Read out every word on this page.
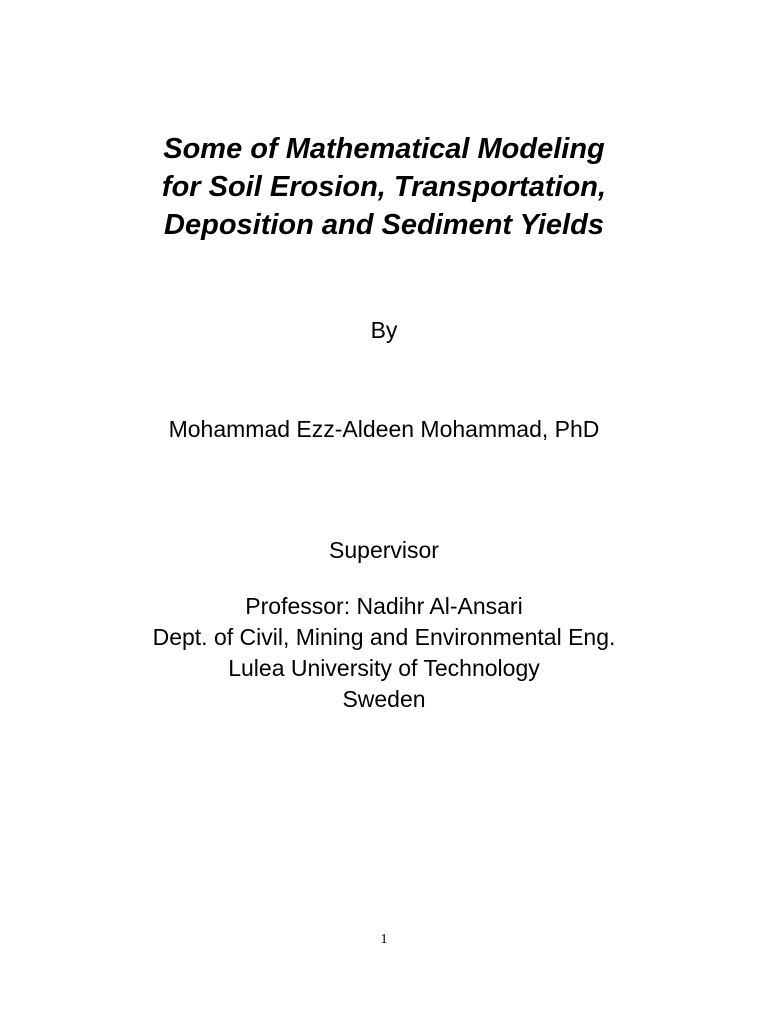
Some of Mathematical Modeling
for Soil Erosion, Transportation,
Deposition and Sediment Yields
By
Mohammad Ezz-Aldeen Mohammad, PhD
Supervisor
Professor: Nadihr Al-Ansari
Dept. of Civil, Mining and Environmental Eng.
Lulea University of Technology
Sweden
1
